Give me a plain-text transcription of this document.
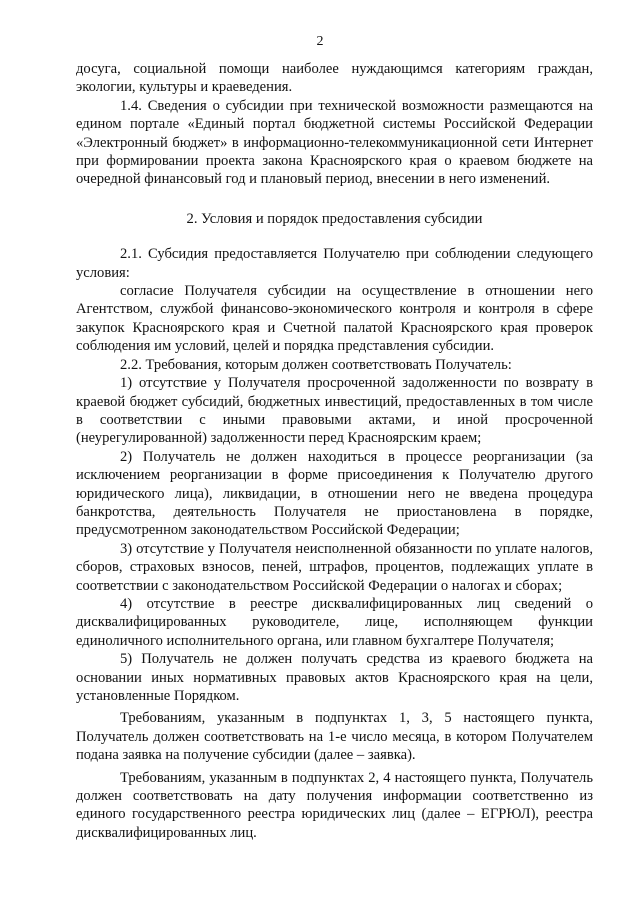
2

досуга, социальной помощи наиболее нуждающимся категориям граждан, экологии, культуры и краеведения.

1.4. Сведения о субсидии при технической возможности размещаются на едином портале «Единый портал бюджетной системы Российской Федерации «Электронный бюджет» в информационно-телекоммуникационной сети Интернет при формировании проекта закона Красноярского края о краевом бюджете на очередной финансовый год и плановый период, внесении в него изменений.

2. Условия и порядок предоставления субсидии

2.1. Субсидия предоставляется Получателю при соблюдении следующего условия:

согласие Получателя субсидии на осуществление в отношении него Агентством, службой финансово-экономического контроля и контроля в сфере закупок Красноярского края и Счетной палатой Красноярского края проверок соблюдения им условий, целей и порядка представления субсидии.

2.2. Требования, которым должен соответствовать Получатель:

1) отсутствие у Получателя просроченной задолженности по возврату в краевой бюджет субсидий, бюджетных инвестиций, предоставленных в том числе в соответствии с иными правовыми актами, и иной просроченной (неурегулированной) задолженности перед Красноярским краем;

2) Получатель не должен находиться в процессе реорганизации (за исключением реорганизации в форме присоединения к Получателю другого юридического лица), ликвидации, в отношении него не введена процедура банкротства, деятельность Получателя не приостановлена в порядке, предусмотренном законодательством Российской Федерации;

3) отсутствие у Получателя неисполненной обязанности по уплате налогов, сборов, страховых взносов, пеней, штрафов, процентов, подлежащих уплате в соответствии с законодательством Российской Федерации о налогах и сборах;

4) отсутствие в реестре дисквалифицированных лиц сведений о дисквалифицированных руководителе, лице, исполняющем функции единоличного исполнительного органа, или главном бухгалтере Получателя;

5) Получатель не должен получать средства из краевого бюджета на основании иных нормативных правовых актов Красноярского края на цели, установленные Порядком.

Требованиям, указанным в подпунктах 1, 3, 5 настоящего пункта, Получатель должен соответствовать на 1-е число месяца, в котором Получателем подана заявка на получение субсидии (далее – заявка).

Требованиям, указанным в подпунктах 2, 4 настоящего пункта, Получатель должен соответствовать на дату получения информации соответственно из единого государственного реестра юридических лиц (далее – ЕГРЮЛ), реестра дисквалифицированных лиц.
